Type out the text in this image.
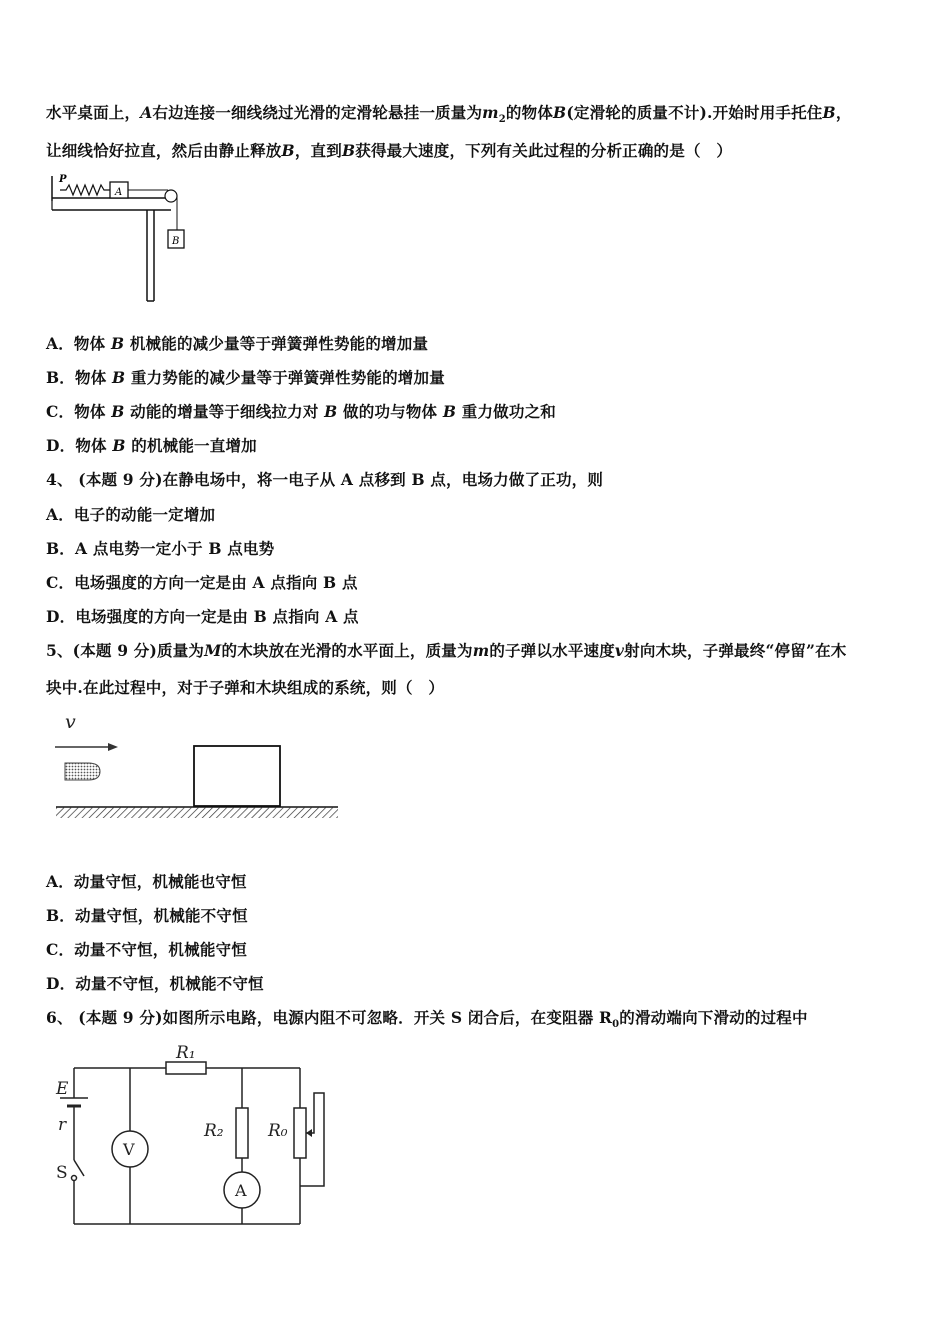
水平桌面上，A右边连接一细线绕过光滑的定滑轮悬挂一质量为$m_2$的物体B(定滑轮的质量不计).开始时用手托住B，
让细线恰好拉直，然后由静止释放B，直到B获得最大速度，下列有关此过程的分析正确的是（　）
A
P
B
A．物体 B 机械能的减少量等于弹簧弹性势能的增加量
B．物体 B 重力势能的减少量等于弹簧弹性势能的增加量
C．物体 B 动能的增量等于细线拉力对 B 做的功与物体 B 重力做功之和
D．物体 B 的机械能一直增加
4、 (本题 9 分)在静电场中，将一电子从 A 点移到 B 点，电场力做了正功，则
A．电子的动能一定增加
B．A 点电势一定小于 B 点电势
C．电场强度的方向一定是由 A 点指向 B 点
D．电场强度的方向一定是由 B 点指向 A 点
5、(本题 9 分)质量为M的木块放在光滑的水平面上，质量为m的子弹以水平速度v射向木块，子弹最终“停留”在木
块中.在此过程中，对于子弹和木块组成的系统，则（　）
v
A．动量守恒，机械能也守恒
B．动量守恒，机械能不守恒
C．动量不守恒，机械能守恒
D．动量不守恒，机械能不守恒
6、 (本题 9 分)如图所示电路，电源内阻不可忽略．开关 S 闭合后，在变阻器 $R_0$的滑动端向下滑动的过程中
R₁
R₂	R₀
E
r
S
V
A
